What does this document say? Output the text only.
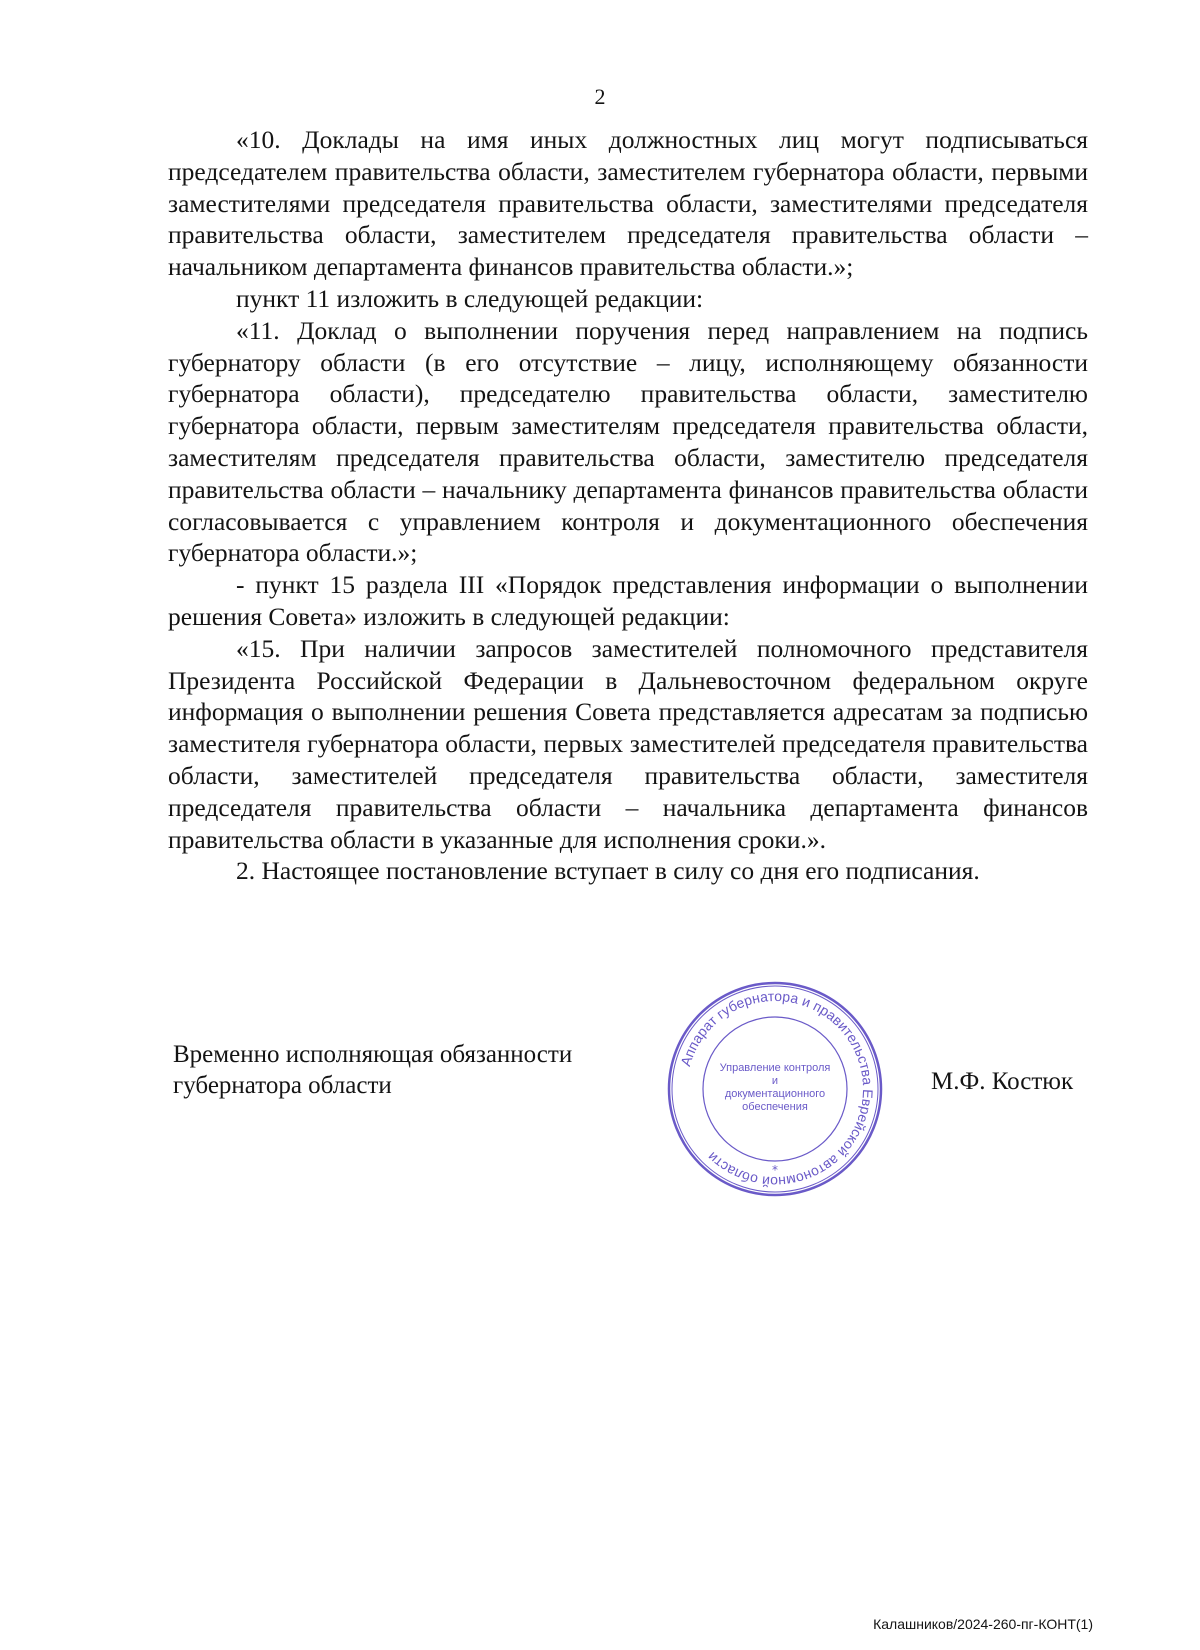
2

«10. Доклады на имя иных должностных лиц могут подписываться председателем правительства области, заместителем губернатора области, первыми заместителями председателя правительства области, заместителями председателя правительства области, заместителем председателя правительства области – начальником департамента финансов правительства области.»;

пункт 11 изложить в следующей редакции:

«11. Доклад о выполнении поручения перед направлением на подпись губернатору области (в его отсутствие – лицу, исполняющему обязанности губернатора области), председателю правительства области, заместителю губернатора области, первым заместителям председателя правительства области, заместителям председателя правительства области, заместителю председателя правительства области – начальнику департамента финансов правительства области согласовывается с управлением контроля и документационного обеспечения губернатора области.»;

- пункт 15 раздела III «Порядок представления информации о выполнении решения Совета» изложить в следующей редакции:

«15. При наличии запросов заместителей полномочного представителя Президента Российской Федерации в Дальневосточном федеральном округе информация о выполнении решения Совета представляется адресатам за подписью заместителя губернатора области, первых заместителей председателя правительства области, заместителей председателя правительства области, заместителя председателя правительства области – начальника департамента финансов правительства области в указанные для исполнения сроки.».

2. Настоящее постановление вступает в силу со дня его подписания.

Временно исполняющая обязанности
губернатора области
Аппарат губернатора и правительства Еврейской автономной области
*
Управление контроля и
документационного
обеспечения
М.Ф. Костюк
Калашников/2024-260-пг-КОНТ(1)
